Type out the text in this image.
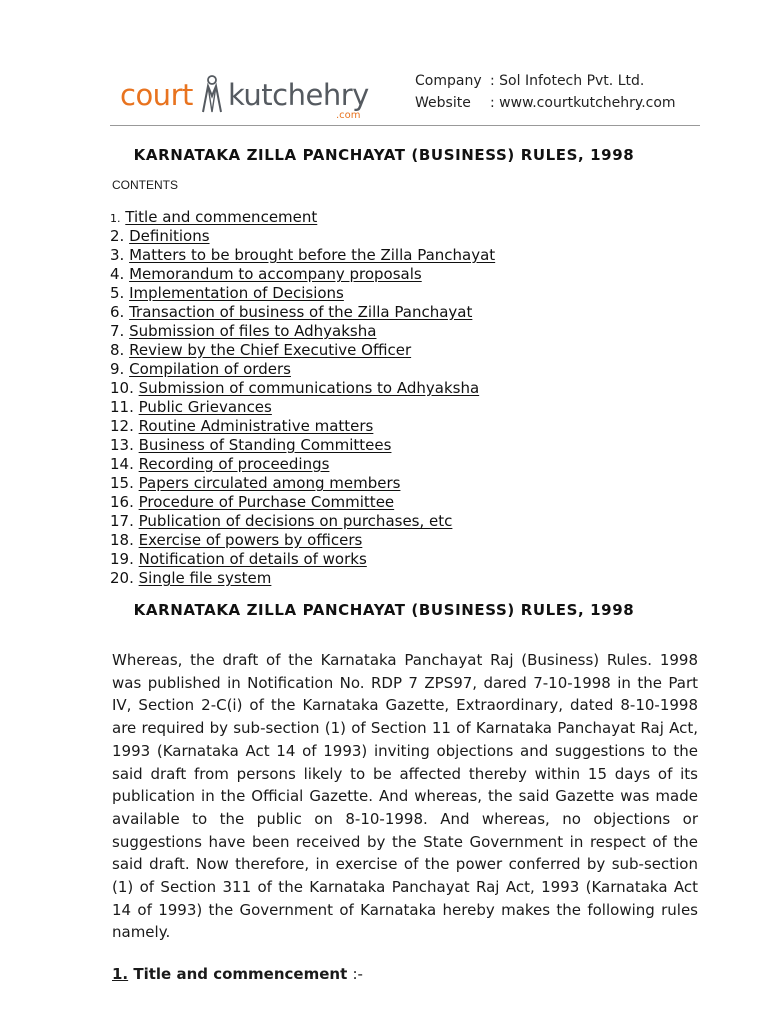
court kutchehry
.com
Company : Sol Infotech Pvt. Ltd.
Website	: www.courtkutchehry.com
KARNATAKA ZILLA PANCHAYAT (BUSINESS) RULES, 1998
CONTENTS
1. Title and commencement
2. Definitions
3. Matters to be brought before the Zilla Panchayat
4. Memorandum to accompany proposals
5. Implementation of Decisions
6. Transaction of business of the Zilla Panchayat
7. Submission of files to Adhyaksha
8. Review by the Chief Executive Officer
9. Compilation of orders
10. Submission of communications to Adhyaksha
11. Public Grievances
12. Routine Administrative matters
13. Business of Standing Committees
14. Recording of proceedings
15. Papers circulated among members
16. Procedure of Purchase Committee
17. Publication of decisions on purchases, etc
18. Exercise of powers by officers
19. Notification of details of works
20. Single file system
KARNATAKA ZILLA PANCHAYAT (BUSINESS) RULES, 1998

Whereas, the draft of the Karnataka Panchayat Raj (Business) Rules. 1998 was published in Notification No. RDP 7 ZPS97, dared 7-10-1998 in the Part IV, Section 2-C(i) of the Karnataka Gazette, Extraordinary, dated 8-10-1998 are required by sub-section (1) of Section 11 of Karnataka Panchayat Raj Act, 1993 (Karnataka Act 14 of 1993) inviting objections and suggestions to the said draft from persons likely to be affected thereby within 15 days of its publication in the Official Gazette. And whereas, the said Gazette was made available to the public on 8-10-1998. And whereas, no objections or suggestions have been received by the State Government in respect of the said draft. Now therefore, in exercise of the power conferred by sub-section (1) of Section 311 of the Karnataka Panchayat Raj Act, 1993 (Karnataka Act 14 of 1993) the Government of Karnataka hereby makes the following rules namely.

1. Title and commencement :-
